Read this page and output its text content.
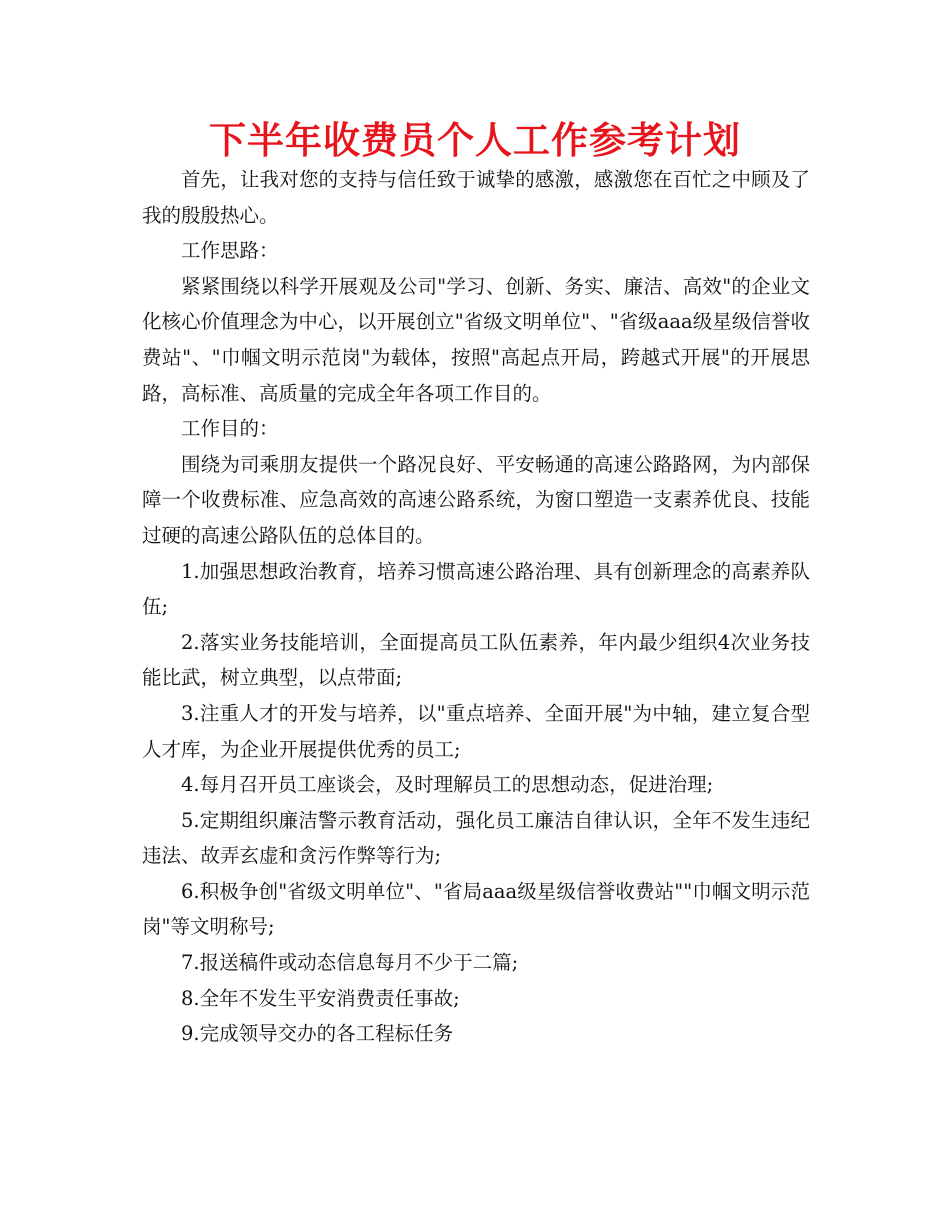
下半年收费员个人工作参考计划

首先，让我对您的支持与信任致于诚挚的感激，感激您在百忙之中顾及了我的殷殷热心。

工作思路：

紧紧围绕以科学开展观及公司"学习、创新、务实、廉洁、高效"的企业文化核心价值理念为中心，以开展创立"省级文明单位"、"省级aaa级星级信誉收费站"、"巾帼文明示范岗"为载体，按照"高起点开局，跨越式开展"的开展思路，高标准、高质量的完成全年各项工作目的。

工作目的：

围绕为司乘朋友提供一个路况良好、平安畅通的高速公路路网，为内部保障一个收费标准、应急高效的高速公路系统，为窗口塑造一支素养优良、技能过硬的高速公路队伍的总体目的。

1.加强思想政治教育，培养习惯高速公路治理、具有创新理念的高素养队伍;

2.落实业务技能培训，全面提高员工队伍素养，年内最少组织4次业务技能比武，树立典型，以点带面;

3.注重人才的开发与培养，以"重点培养、全面开展"为中轴，建立复合型人才库，为企业开展提供优秀的员工;

4.每月召开员工座谈会，及时理解员工的思想动态，促进治理;

5.定期组织廉洁警示教育活动，强化员工廉洁自律认识，全年不发生违纪违法、故弄玄虚和贪污作弊等行为;

6.积极争创"省级文明单位"、"省局aaa级星级信誉收费站""巾帼文明示范岗"等文明称号;

7.报送稿件或动态信息每月不少于二篇;

8.全年不发生平安消费责任事故;

9.完成领导交办的各工程标任务
